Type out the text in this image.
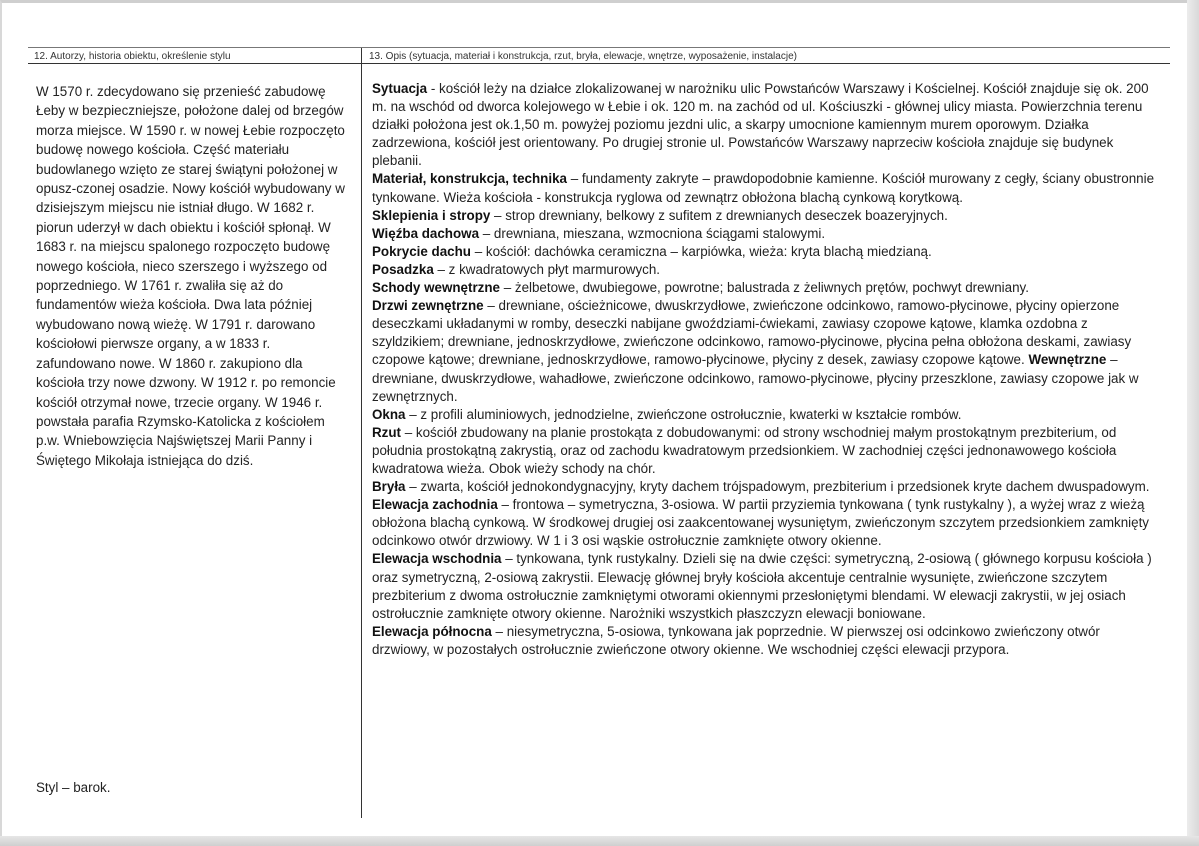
12. Autorzy, historia obiektu, określenie stylu	13. Opis (sytuacja, materiał i konstrukcja, rzut, bryła, elewacje, wnętrze, wyposażenie, instalacje)
W 1570 r. zdecydowano się przenieść zabudowę Łeby w bezpieczniejsze, położone dalej od brzegów morza miejsce. W 1590 r. w nowej Łebie rozpoczęto budowę nowego kościoła. Część materiału budowlanego wzięto ze starej świątyni położonej w opusz-czonej osadzie. Nowy kościół wybudowany w dzisiejszym miejscu nie istniał długo. W 1682 r. piorun uderzył w dach obiektu i kościół spłonął. W 1683 r. na miejscu spalonego rozpoczęto budowę nowego kościoła, nieco szerszego i wyższego od poprzedniego. W 1761 r. zwaliła się aż do fundamentów wieża kościoła. Dwa lata później wybudowano nową wieżę. W 1791 r. darowano kościołowi pierwsze organy, a w 1833 r. zafundowano nowe. W 1860 r. zakupiono dla kościoła trzy nowe dzwony. W 1912 r. po remoncie kościół otrzymał nowe, trzecie organy. W 1946 r. powstała parafia Rzymsko-Katolicka z kościołem p.w. Wniebowzięcia Najświętszej Marii Panny i Świętego Mikołaja istniejąca do dziś.
Styl – barok.

Sytuacja - kościół leży na działce zlokalizowanej w narożniku ulic Powstańców Warszawy i Kościelnej. Kościół znajduje się ok. 200 m. na wschód od dworca kolejowego w Łebie i ok. 120 m. na zachód od ul. Kościuszki - głównej ulicy miasta. Powierzchnia terenu działki położona jest ok.1,50 m. powyżej poziomu jezdni ulic, a skarpy umocnione kamiennym murem oporowym. Działka zadrzewiona, kościół jest orientowany. Po drugiej stronie ul. Powstańców Warszawy naprzeciw kościoła znajduje się budynek plebanii.

Materiał, konstrukcja, technika – fundamenty zakryte – prawdopodobnie kamienne. Kościół murowany z cegły, ściany obustronnie tynkowane. Wieża kościoła - konstrukcja ryglowa od zewnątrz obłożona blachą cynkową korytkową.

Sklepienia i stropy – strop drewniany, belkowy z sufitem z drewnianych deseczek boazeryjnych.

Więźba dachowa – drewniana, mieszana, wzmocniona ściągami stalowymi.

Pokrycie dachu – kościół: dachówka ceramiczna – karpiówka, wieża: kryta blachą miedzianą.

Posadzka – z kwadratowych płyt marmurowych.

Schody wewnętrzne – żelbetowe, dwubiegowe, powrotne; balustrada z żeliwnych prętów, pochwyt drewniany.

Drzwi zewnętrzne – drewniane, ościeżnicowe, dwuskrzydłowe, zwieńczone odcinkowo, ramowo-płycinowe, płyciny opierzone deseczkami układanymi w romby, deseczki nabijane gwoździami-ćwiekami, zawiasy czopowe kątowe, klamka ozdobna z szyldzikiem; drewniane, jednoskrzydłowe, zwieńczone odcinkowo, ramowo-płycinowe, płycina pełna obłożona deskami, zawiasy czopowe kątowe; drewniane, jednoskrzydłowe, ramowo-płycinowe, płyciny z desek, zawiasy czopowe kątowe. Wewnętrzne – drewniane, dwuskrzydłowe, wahadłowe, zwieńczone odcinkowo, ramowo-płycinowe, płyciny przeszklone, zawiasy czopowe jak w zewnętrznych.

Okna – z profili aluminiowych, jednodzielne, zwieńczone ostrołucznie, kwaterki w kształcie rombów.

Rzut – kościół zbudowany na planie prostokąta z dobudowanymi: od strony wschodniej małym prostokątnym prezbiterium, od południa prostokątną zakrystią, oraz od zachodu kwadratowym przedsionkiem. W zachodniej części jednonawowego kościoła kwadratowa wieża. Obok wieży schody na chór.

Bryła – zwarta, kościół jednokondygnacyjny, kryty dachem trójspadowym, prezbiterium i przedsionek kryte dachem dwuspadowym.

Elewacja zachodnia – frontowa – symetryczna, 3-osiowa. W partii przyziemia tynkowana ( tynk rustykalny ), a wyżej wraz z wieżą obłożona blachą cynkową. W środkowej drugiej osi zaakcentowanej wysuniętym, zwieńczonym szczytem przedsionkiem zamknięty odcinkowo otwór drzwiowy. W 1 i 3 osi wąskie ostrołucznie zamknięte otwory okienne.

Elewacja wschodnia – tynkowana, tynk rustykalny. Dzieli się na dwie części: symetryczną, 2-osiową ( głównego korpusu kościoła ) oraz symetryczną, 2-osiową zakrystii. Elewację głównej bryły kościoła akcentuje centralnie wysunięte, zwieńczone szczytem prezbiterium z dwoma ostrołucznie zamkniętymi otworami okiennymi przesłoniętymi blendami. W elewacji zakrystii, w jej osiach ostrołucznie zamknięte otwory okienne. Narożniki wszystkich płaszczyzn elewacji boniowane.

Elewacja północna – niesymetryczna, 5-osiowa, tynkowana jak poprzednie. W pierwszej osi odcinkowo zwieńczony otwór drzwiowy, w pozostałych ostrołucznie zwieńczone otwory okienne. We wschodniej części elewacji przypora.
